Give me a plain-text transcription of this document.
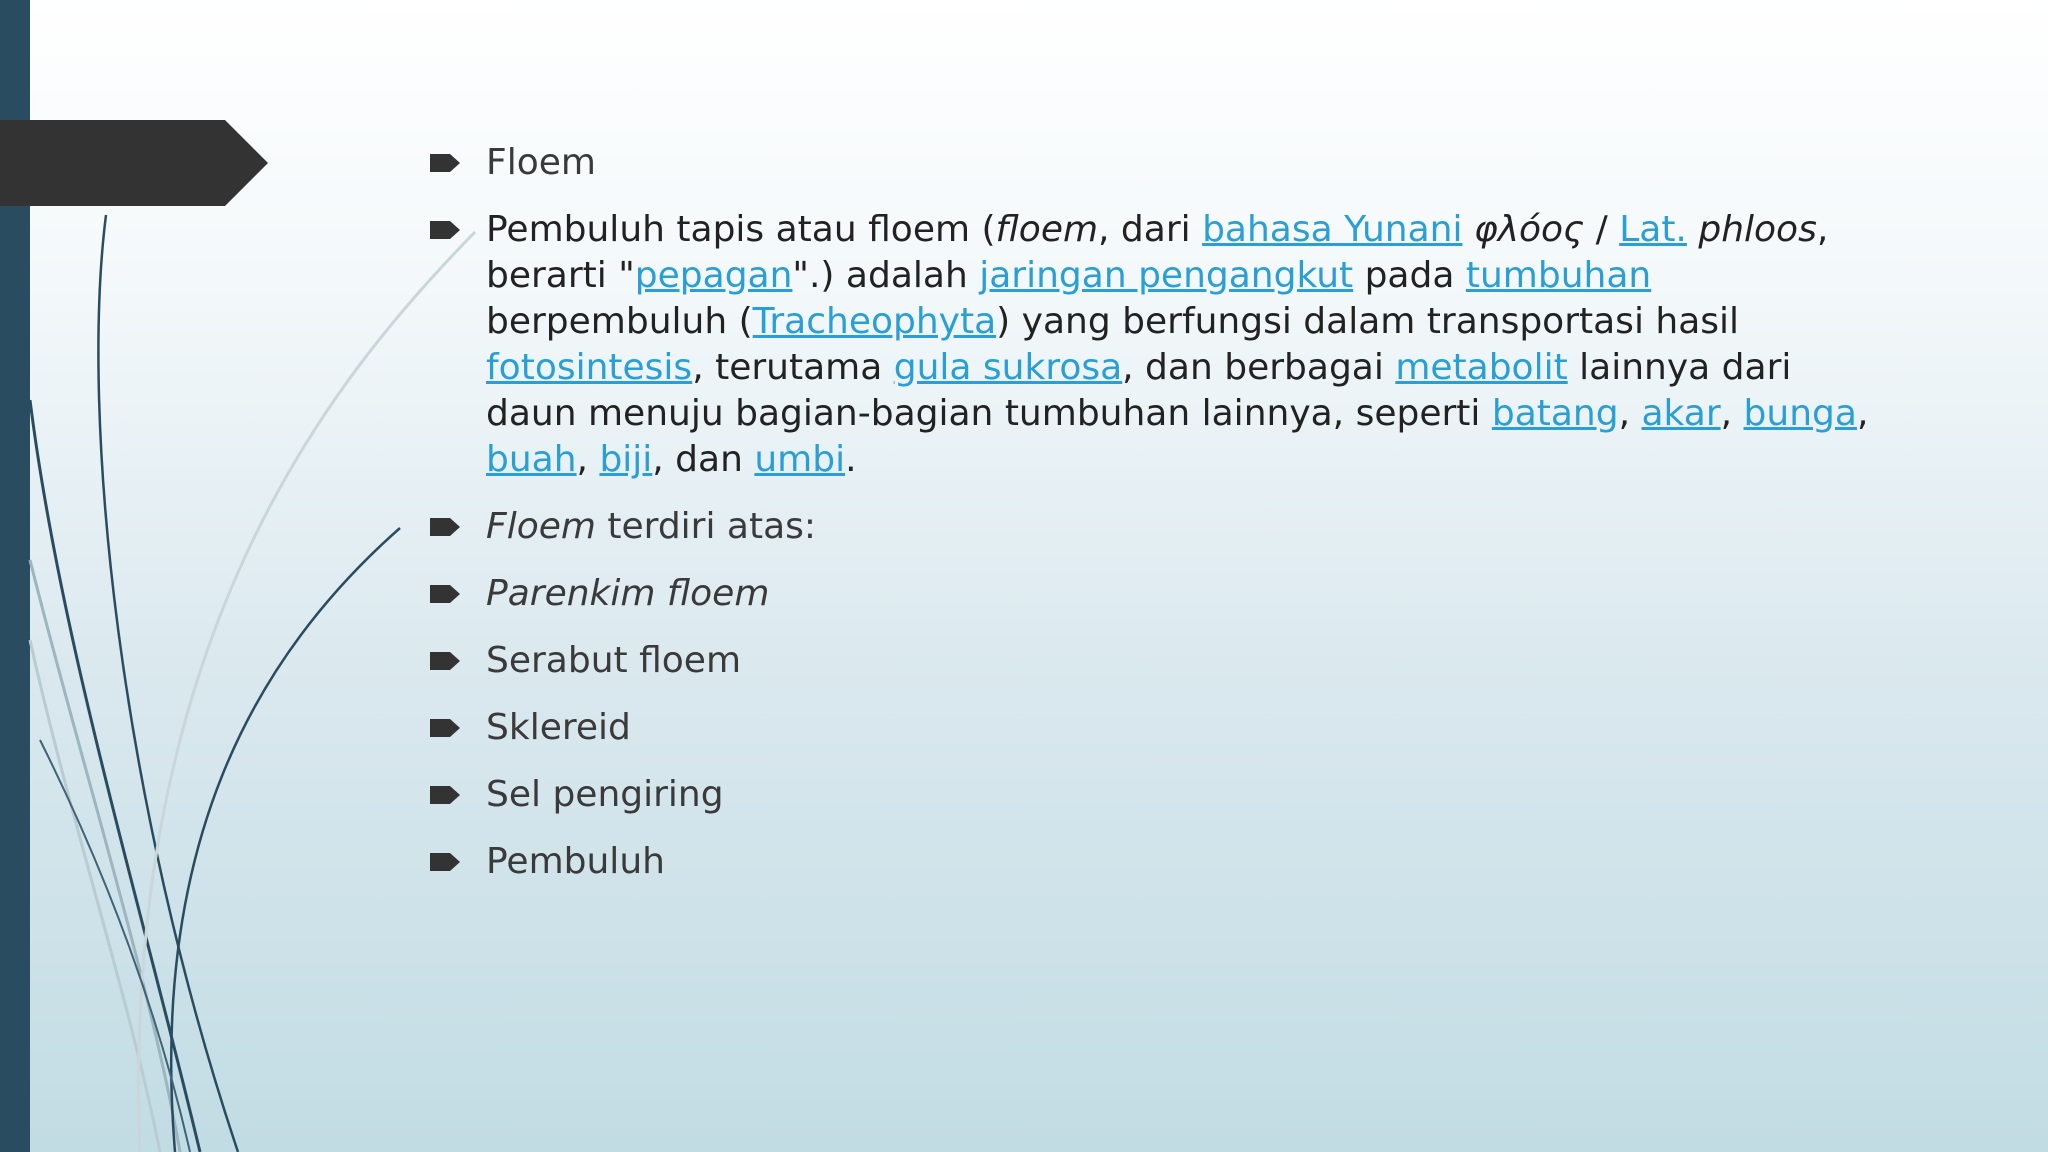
Floem
Pembuluh tapis atau floem (floem, dari bahasa Yunani φλόος / Lat. phloos, berarti "pepagan".) adalah jaringan pengangkut pada tumbuhan berpembuluh (Tracheophyta) yang berfungsi dalam transportasi hasil fotosintesis, terutama gula sukrosa, dan berbagai metabolit lainnya dari daun menuju bagian-bagian tumbuhan lainnya, seperti batang, akar, bunga, buah, biji, dan umbi.
Floem terdiri atas:
Parenkim floem
Serabut floem
Sklereid
Sel pengiring
Pembuluh
